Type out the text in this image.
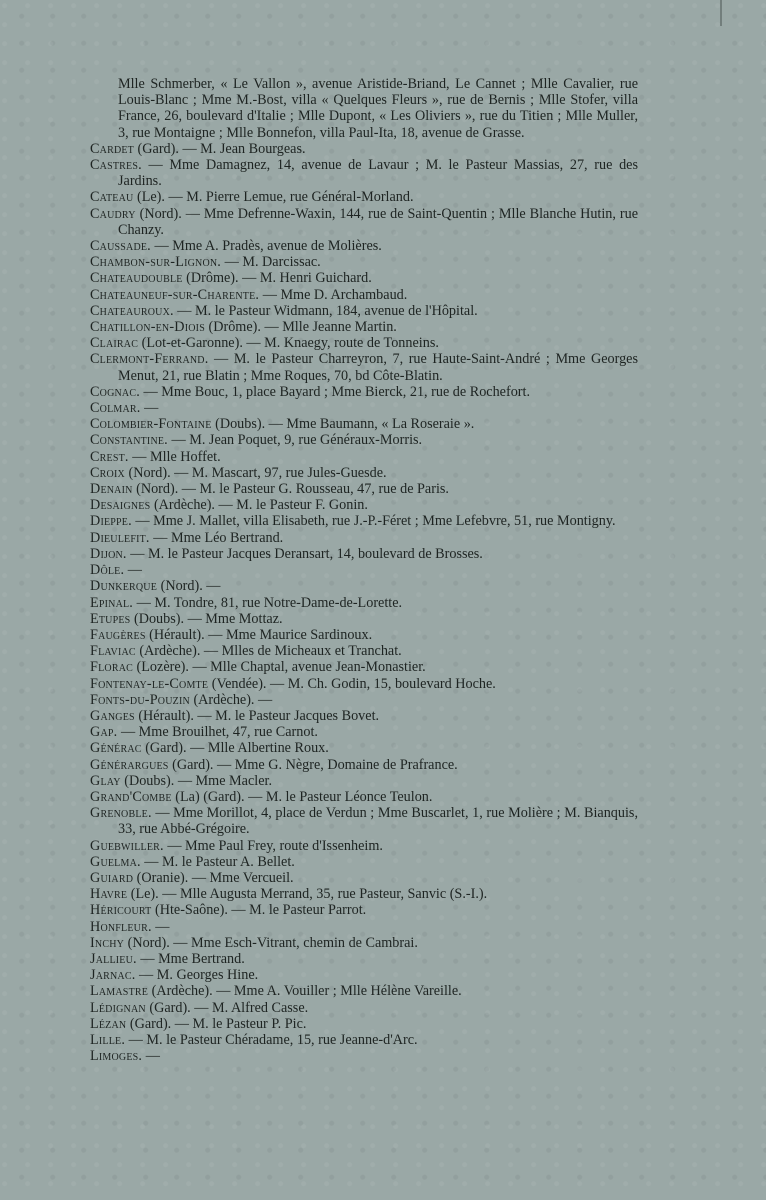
Mlle Schmerber, « Le Vallon », avenue Aristide-Briand, Le Cannet ; Mlle Cavalier, rue Louis-Blanc ; Mme M.-Bost, villa « Quelques Fleurs », rue de Bernis ; Mlle Stofer, villa France, 26, boulevard d'Italie ; Mlle Dupont, « Les Oliviers », rue du Titien ; Mlle Muller, 3, rue Montaigne ; Mlle Bonnefon, villa Paul-Ita, 18, avenue de Grasse.
Cardet (Gard). — M. Jean Bourgeas.
Castres. — Mme Damagnez, 14, avenue de Lavaur ; M. le Pasteur Massias, 27, rue des Jardins.
Cateau (Le). — M. Pierre Lemue, rue Général-Morland.
Caudry (Nord). — Mme Defrenne-Waxin, 144, rue de Saint-Quentin ; Mlle Blanche Hutin, rue Chanzy.
Caussade. — Mme A. Pradès, avenue de Molières.
Chambon-sur-Lignon. — M. Darcissac.
Chateaudouble (Drôme). — M. Henri Guichard.
Chateauneuf-sur-Charente. — Mme D. Archambaud.
Chateauroux. — M. le Pasteur Widmann, 184, avenue de l'Hôpital.
Chatillon-en-Diois (Drôme). — Mlle Jeanne Martin.
Clairac (Lot-et-Garonne). — M. Knaegy, route de Tonneins.
Clermont-Ferrand. — M. le Pasteur Charreyron, 7, rue Haute-Saint-André ; Mme Georges Menut, 21, rue Blatin ; Mme Roques, 70, bd Côte-Blatin.
Cognac. — Mme Bouc, 1, place Bayard ; Mme Bierck, 21, rue de Rochefort.
Colmar. —
Colombier-Fontaine (Doubs). — Mme Baumann, « La Roseraie ».
Constantine. — M. Jean Poquet, 9, rue Généraux-Morris.
Crest. — Mlle Hoffet.
Croix (Nord). — M. Mascart, 97, rue Jules-Guesde.
Denain (Nord). — M. le Pasteur G. Rousseau, 47, rue de Paris.
Desaignes (Ardèche). — M. le Pasteur F. Gonin.
Dieppe. — Mme J. Mallet, villa Elisabeth, rue J.-P.-Féret ; Mme Lefebvre, 51, rue Montigny.
Dieulefit. — Mme Léo Bertrand.
Dijon. — M. le Pasteur Jacques Deransart, 14, boulevard de Brosses.
Dôle. —
Dunkerque (Nord). —
Epinal. — M. Tondre, 81, rue Notre-Dame-de-Lorette.
Etupes (Doubs). — Mme Mottaz.
Faugères (Hérault). — Mme Maurice Sardinoux.
Flaviac (Ardèche). — Mlles de Micheaux et Tranchat.
Florac (Lozère). — Mlle Chaptal, avenue Jean-Monastier.
Fontenay-le-Comte (Vendée). — M. Ch. Godin, 15, boulevard Hoche.
Fonts-du-Pouzin (Ardèche). —
Ganges (Hérault). — M. le Pasteur Jacques Bovet.
Gap. — Mme Brouilhet, 47, rue Carnot.
Générac (Gard). — Mlle Albertine Roux.
Générargues (Gard). — Mme G. Nègre, Domaine de Prafrance.
Glay (Doubs). — Mme Macler.
Grand'Combe (La) (Gard). — M. le Pasteur Léonce Teulon.
Grenoble. — Mme Morillot, 4, place de Verdun ; Mme Buscarlet, 1, rue Molière ; M. Bianquis, 33, rue Abbé-Grégoire.
Guebwiller. — Mme Paul Frey, route d'Issenheim.
Guelma. — M. le Pasteur A. Bellet.
Guiard (Oranie). — Mme Vercueil.
Havre (Le). — Mlle Augusta Merrand, 35, rue Pasteur, Sanvic (S.-I.).
Héricourt (Hte-Saône). — M. le Pasteur Parrot.
Honfleur. —
Inchy (Nord). — Mme Esch-Vitrant, chemin de Cambrai.
Jallieu. — Mme Bertrand.
Jarnac. — M. Georges Hine.
Lamastre (Ardèche). — Mme A. Vouiller ; Mlle Hélène Vareille.
Lédignan (Gard). — M. Alfred Casse.
Lézan (Gard). — M. le Pasteur P. Pic.
Lille. — M. le Pasteur Chéradame, 15, rue Jeanne-d'Arc.
Limoges. —
